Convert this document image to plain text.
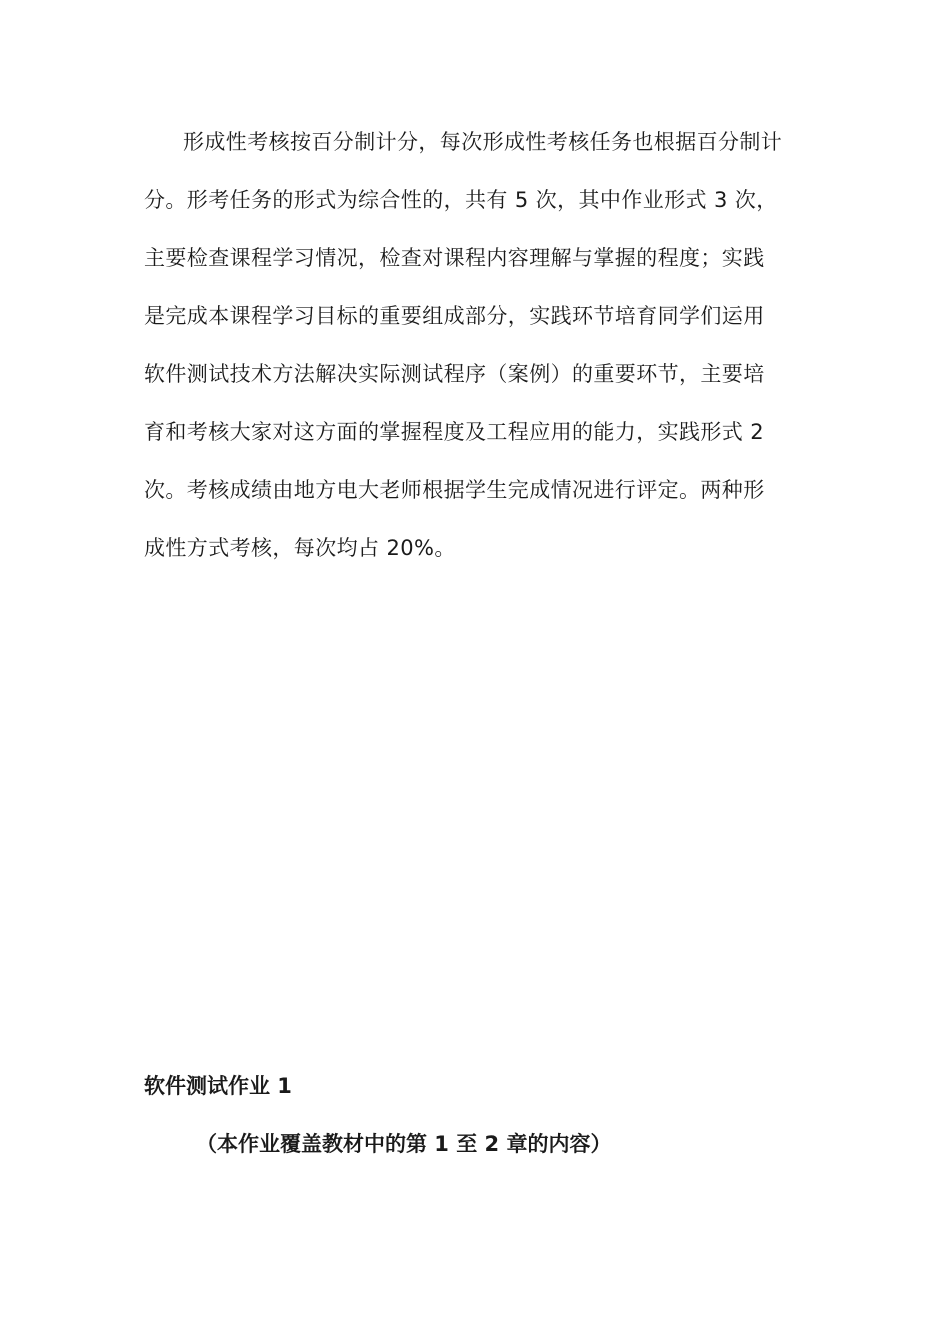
形成性考核按百分制计分，每次形成性考核任务也根据百分制计
分。形考任务的形式为综合性的，共有 5 次，其中作业形式 3 次，
主要检查课程学习情况，检查对课程内容理解与掌握的程度；实践
是完成本课程学习目标的重要组成部分，实践环节培育同学们运用
软件测试技术方法解决实际测试程序（案例）的重要环节，主要培
育和考核大家对这方面的掌握程度及工程应用的能力，实践形式 2
次。考核成绩由地方电大老师根据学生完成情况进行评定。两种形
成性方式考核，每次均占 20%。
软件测试作业 1

（本作业覆盖教材中的第 1 至 2 章的内容）
